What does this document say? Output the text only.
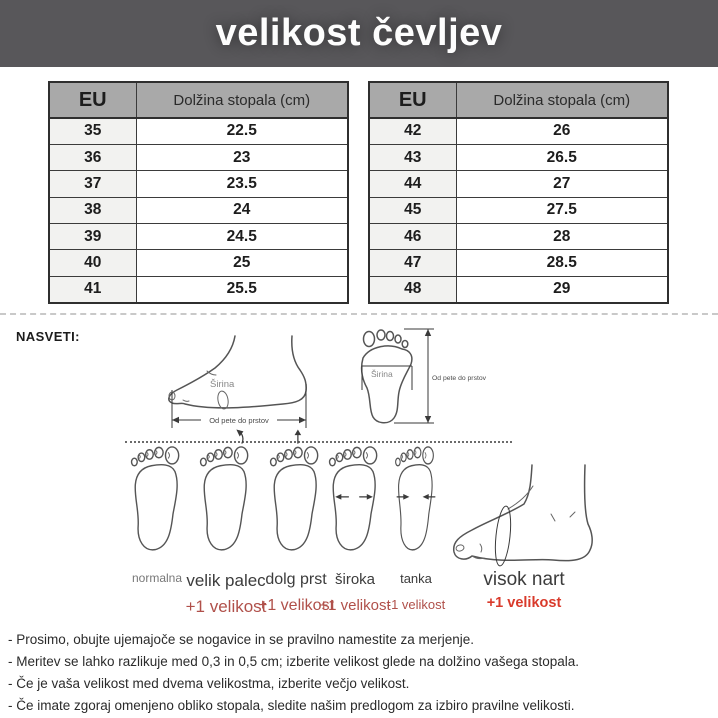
velikost čevljev
EU	Dolžina stopala (cm)
35	22.5
36	23
37	23.5
38	24
39	24.5
40	25
41	25.5
EU	Dolžina stopala (cm)
42	26
43	26.5
44	27
45	27.5
46	28
47	28.5
48	29
NASVETI:
Širina
Od pete do prstov
Širina	Od pete do prstov
normalna velik palec dolg prst široka tanka	visok nart
+1 velikost
+1 velikost
+1 velikost
-1 velikost	+1 velikost
- Prosimo, obujte ujemajoče se nogavice in se pravilno namestite za merjenje.
- Meritev se lahko razlikuje med 0,3 in 0,5 cm; izberite velikost glede na dolžino vašega stopala.
- Če je vaša velikost med dvema velikostma, izberite večjo velikost.
- Če imate zgoraj omenjeno obliko stopala, sledite našim predlogom za izbiro pravilne velikosti.
